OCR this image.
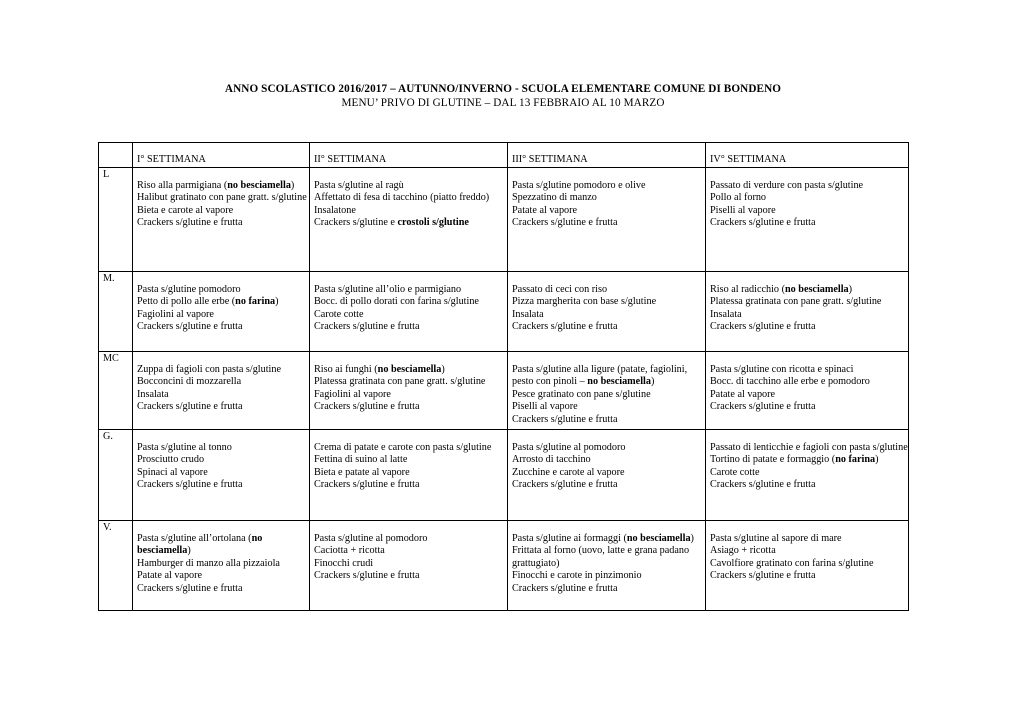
ANNO SCOLASTICO 2016/2017 – AUTUNNO/INVERNO - SCUOLA ELEMENTARE COMUNE DI BONDENO
MENU’ PRIVO DI GLUTINE – DAL 13 FEBBRAIO AL 10 MARZO
	I° SETTIMANA	II° SETTIMANA	III° SETTIMANA	IV° SETTIMANA
L	Riso alla parmigiana (no besciamella)
Halibut gratinato con pane gratt. s/glutine
Bieta e carote al vapore
Crackers s/glutine e frutta	Pasta s/glutine al ragù
Affettato di fesa di tacchino (piatto freddo)
Insalatone
Crackers s/glutine e crostoli s/glutine	Pasta s/glutine pomodoro e olive
Spezzatino di manzo
Patate al vapore
Crackers s/glutine e frutta	Passato di verdure con pasta s/glutine
Pollo al forno
Piselli al vapore
Crackers s/glutine e frutta

M.	Pasta s/glutine pomodoro
Petto di pollo alle erbe (no farina)
Fagiolini al vapore
Crackers s/glutine e frutta	Pasta s/glutine all’olio e parmigiano
Bocc. di pollo dorati con farina s/glutine
Carote cotte
Crackers s/glutine e frutta	Passato di ceci con riso
Pizza margherita con base s/glutine
Insalata
Crackers s/glutine e frutta	Riso al radicchio (no besciamella)
Platessa gratinata con pane gratt. s/glutine
Insalata
Crackers s/glutine e frutta

MC	Zuppa di fagioli con pasta s/glutine
Bocconcini di mozzarella
Insalata
Crackers s/glutine e frutta	Riso ai funghi (no besciamella)
Platessa gratinata con pane gratt. s/glutine
Fagiolini al vapore
Crackers s/glutine e frutta	Pasta s/glutine alla ligure (patate, fagiolini, pesto con pinoli – no besciamella)
Pesce gratinato con pane s/glutine
Piselli al vapore
Crackers s/glutine e frutta	Pasta s/glutine con ricotta e spinaci
Bocc. di tacchino alle erbe e pomodoro
Patate al vapore
Crackers s/glutine e frutta

G.	Pasta s/glutine al tonno
Prosciutto crudo
Spinaci al vapore
Crackers s/glutine e frutta	Crema di patate e carote con pasta s/glutine
Fettina di suino al latte
Bieta e patate al vapore
Crackers s/glutine e frutta	Pasta s/glutine al pomodoro
Arrosto di tacchino
Zucchine e carote al vapore
Crackers s/glutine e frutta	Passato di lenticchie e fagioli con pasta s/glutine
Tortino di patate e formaggio (no farina)
Carote cotte
Crackers s/glutine e frutta

V.	Pasta s/glutine all’ortolana (no besciamella)
Hamburger di manzo alla pizzaiola
Patate al vapore
Crackers s/glutine e frutta	Pasta s/glutine al pomodoro
Caciotta + ricotta
Finocchi crudi
Crackers s/glutine e frutta	Pasta s/glutine ai formaggi (no besciamella)
Frittata al forno (uovo, latte e grana padano grattugiato)
Finocchi e carote in pinzimonio
Crackers s/glutine e frutta	Pasta s/glutine al sapore di mare
Asiago + ricotta
Cavolfiore gratinato con farina s/glutine
Crackers s/glutine e frutta
